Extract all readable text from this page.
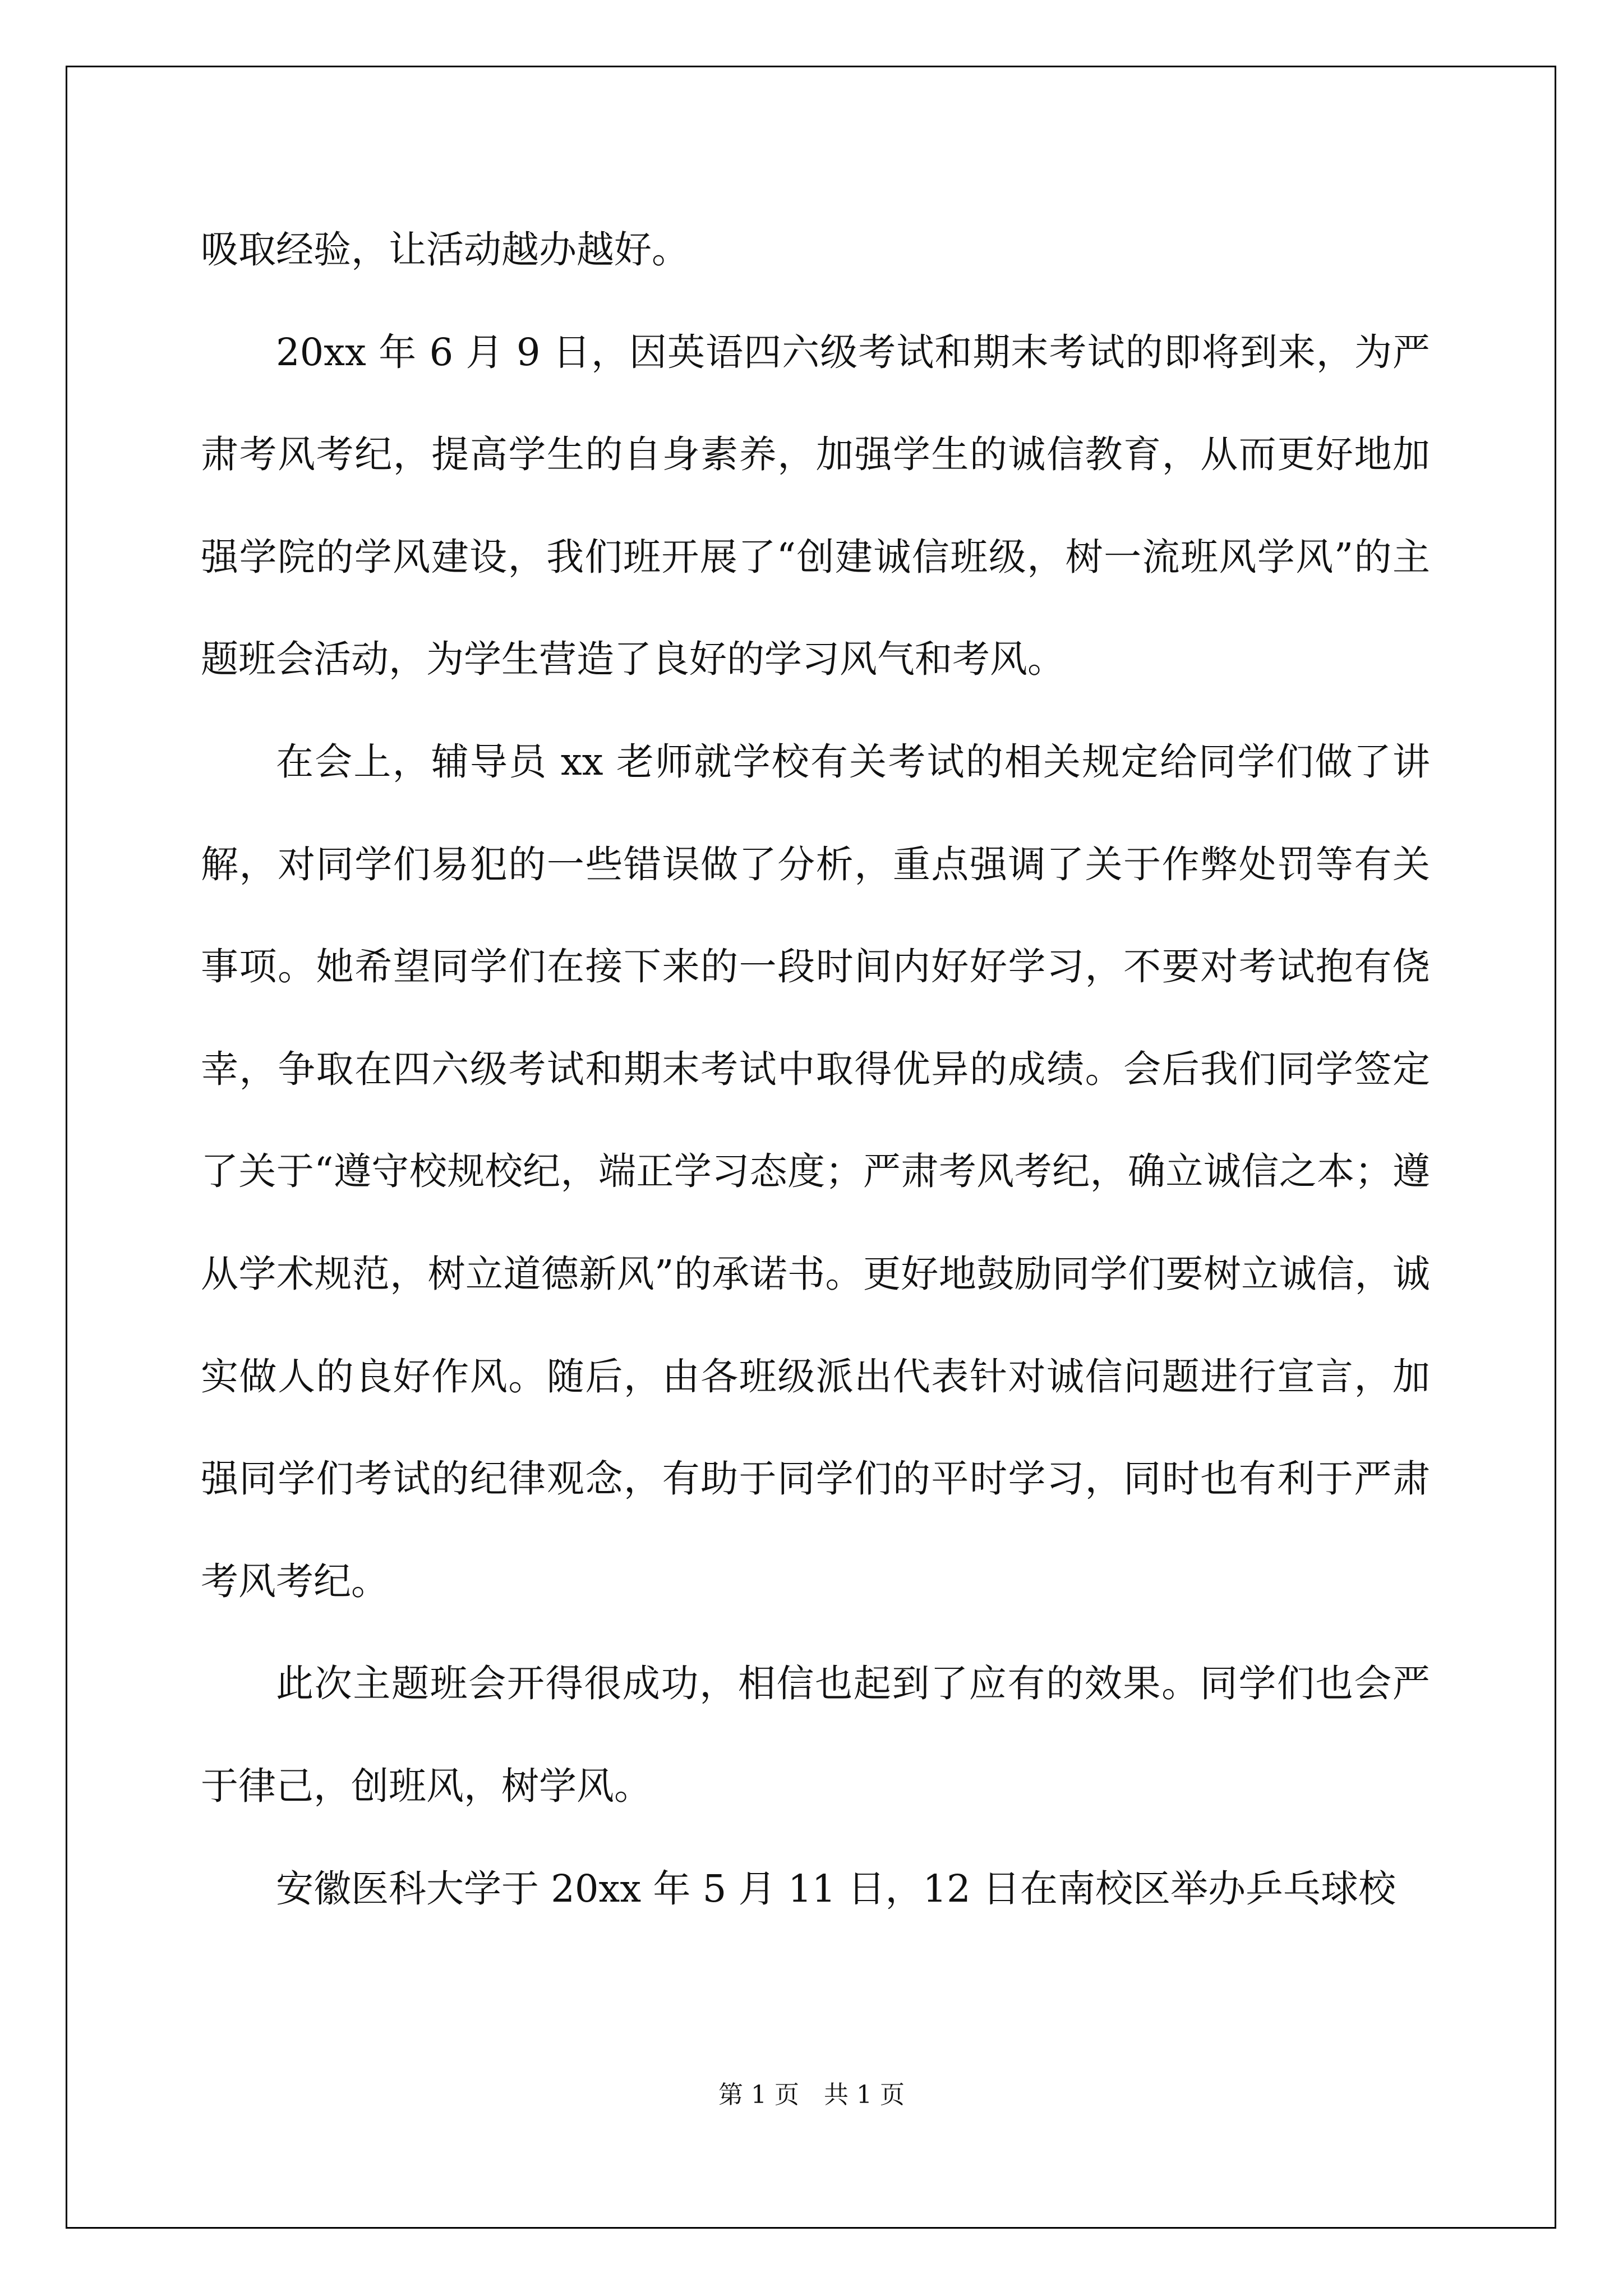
吸取经验，让活动越办越好。

20xx 年 6 月 9 日，因英语四六级考试和期末考试的即将到来，为严肃考风考纪，提高学生的自身素养，加强学生的诚信教育，从而更好地加强学院的学风建设，我们班开展了“创建诚信班级，树一流班风学风”的主题班会活动，为学生营造了良好的学习风气和考风。

在会上，辅导员 xx 老师就学校有关考试的相关规定给同学们做了讲解，对同学们易犯的一些错误做了分析，重点强调了关于作弊处罚等有关事项。她希望同学们在接下来的一段时间内好好学习，不要对考试抱有侥幸，争取在四六级考试和期末考试中取得优异的成绩。会后我们同学签定了关于“遵守校规校纪，端正学习态度；严肃考风考纪，确立诚信之本；遵从学术规范，树立道德新风”的承诺书。更好地鼓励同学们要树立诚信，诚实做人的良好作风。随后，由各班级派出代表针对诚信问题进行宣言，加强同学们考试的纪律观念，有助于同学们的平时学习，同时也有利于严肃考风考纪。

此次主题班会开得很成功，相信也起到了应有的效果。同学们也会严于律己，创班风，树学风。

安徽医科大学于 20xx 年 5 月 11 日，12 日在南校区举办乒乓球校

第 1 页　共 1 页
